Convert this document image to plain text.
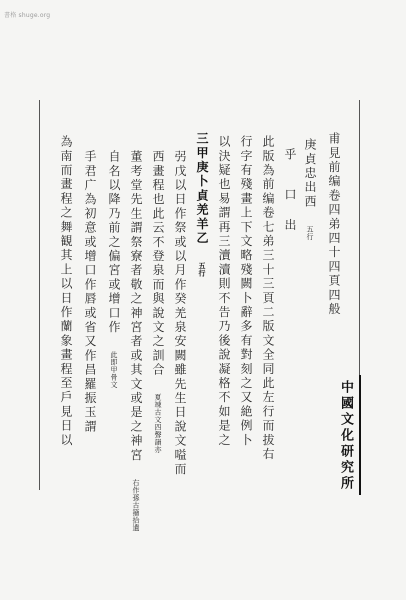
書格 shuge.org
甫見前编卷四弟四十四頁四般
庚貞忠出西 五行
乎 口 出
此版為前编卷七弟三十三頁二版文全同此左行而拔右
行字有殘畫上下文略殘闕卜辭多有對刻之又絶例卜
以決疑也易謂再三瀆瀆則不告乃後說凝格不如是之
三甲庚卜貞羌羊乙 五行
弜戊以日作祭或以月作癸羌泉安闕雖先生日說文嗌而
西畫程也此云不登泉而與說文之訓合 夏竦古文四聲韻亦
董考堂先生謂祭寮者敬之神宮者或其文或是之神宮 右作孫古籀拾遺
自名以降乃前之偏宮或增口作 此即甲骨文
手君广為初意或增口作唇或省又作昌羅振玉謂
為南而畫程之舞観其上以日作蘭象畫程至戶見日以	中國文化研究所
